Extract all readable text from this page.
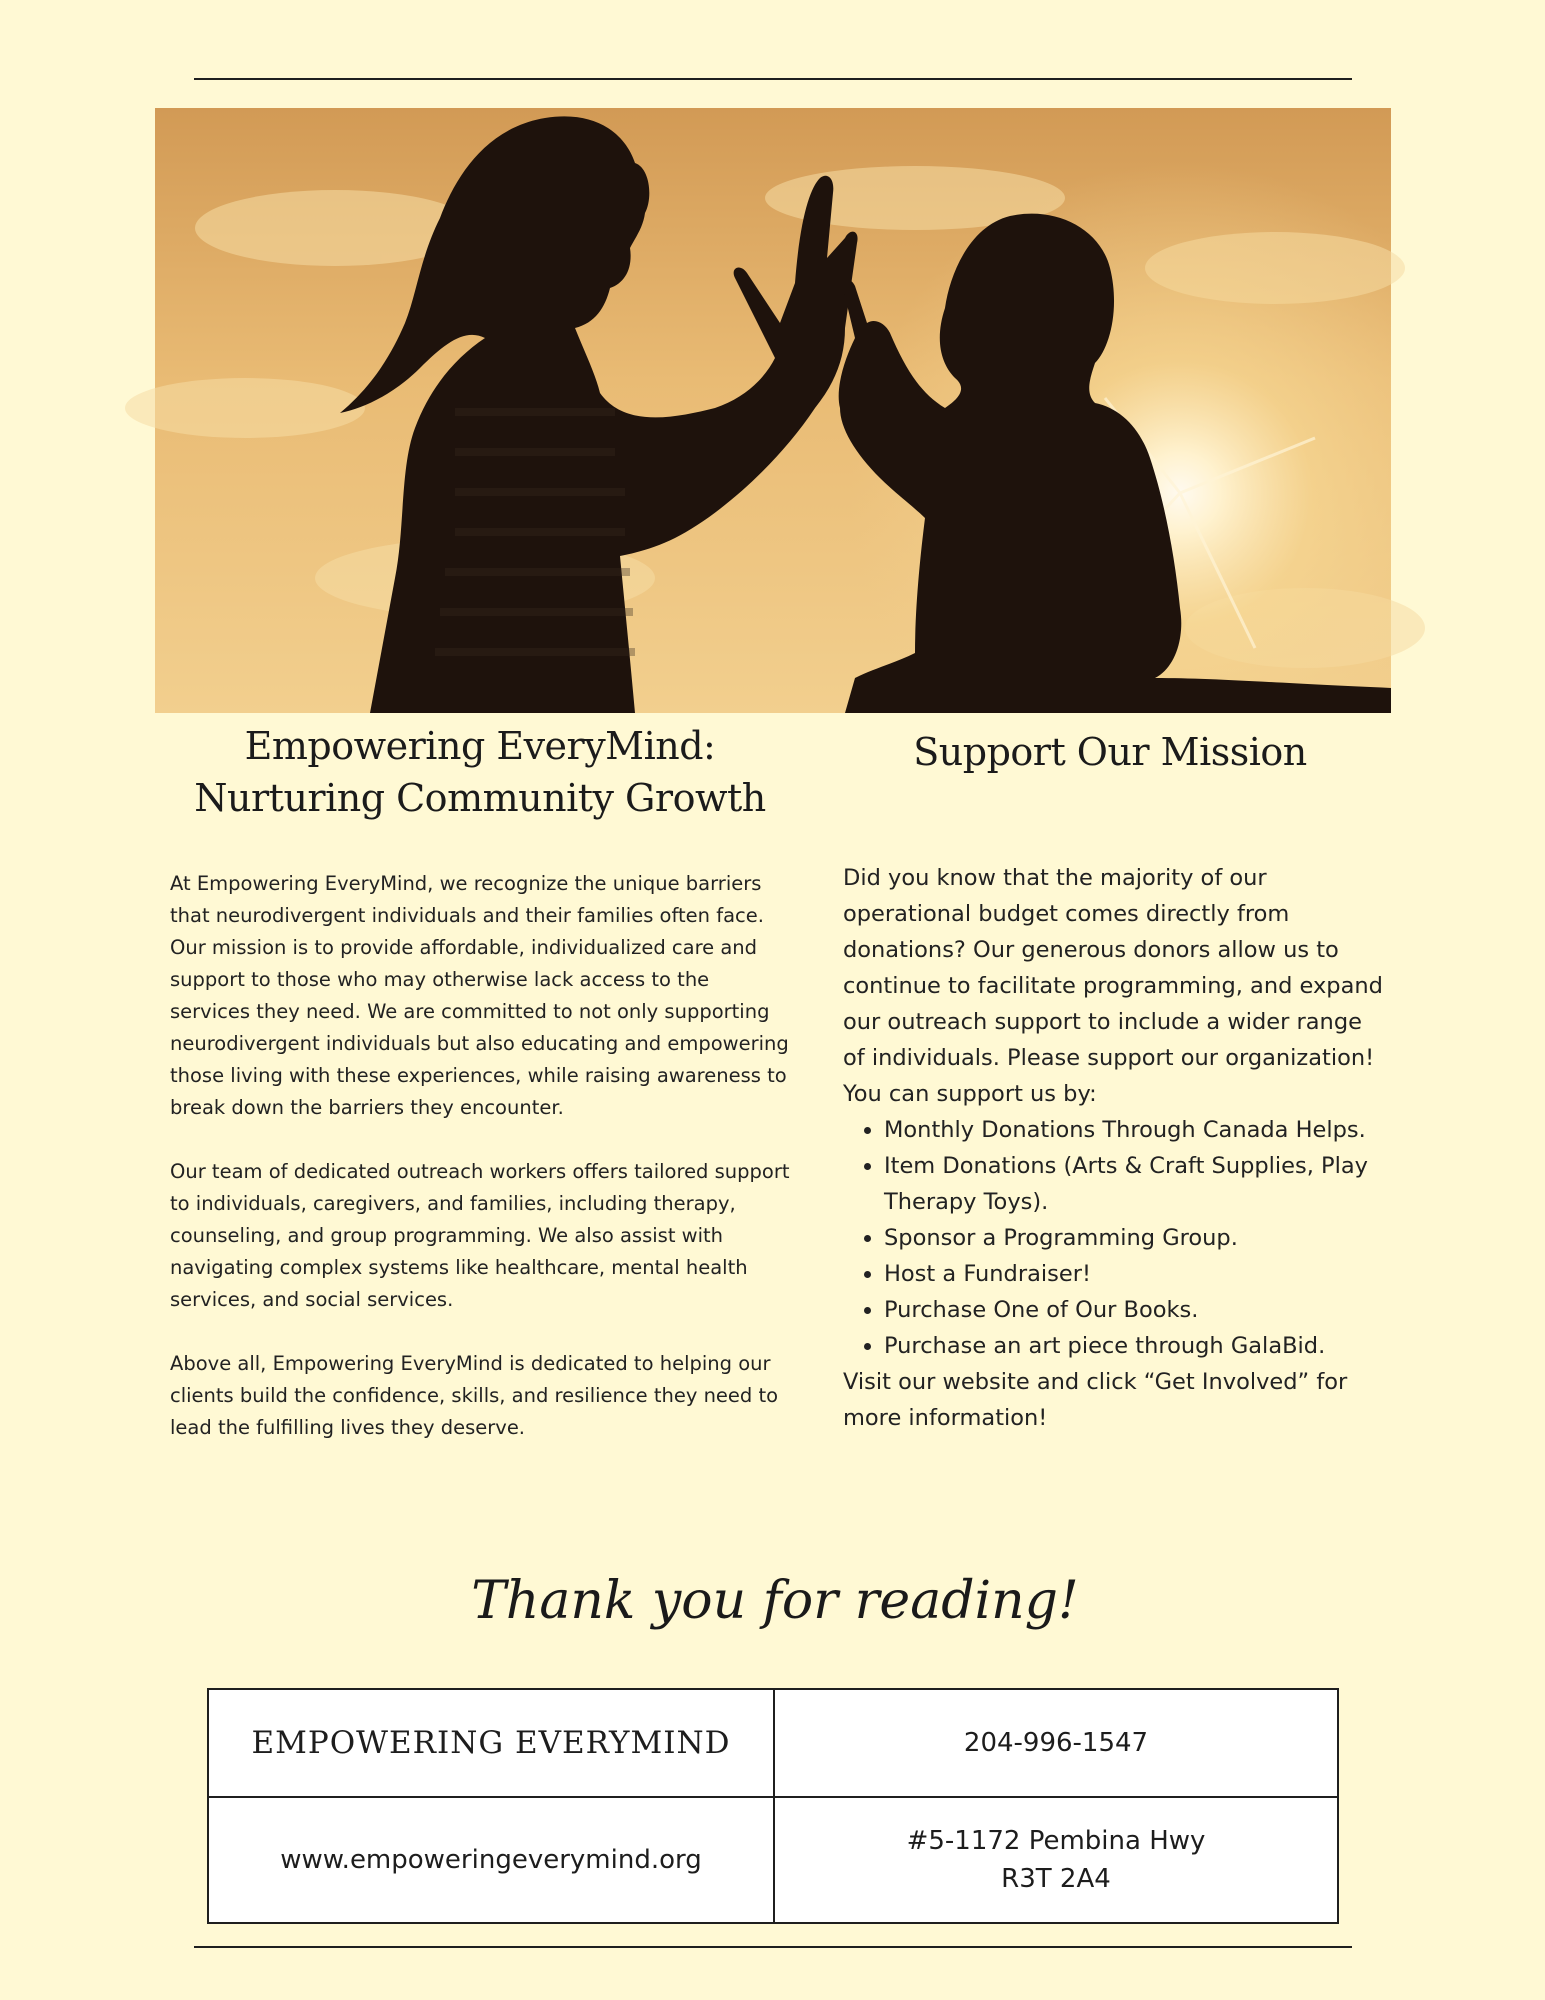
Empowering EveryMind:
Nurturing Community Growth
Support Our Mission

At Empowering EveryMind, we recognize the unique barriers that neurodivergent individuals and their families often face. Our mission is to provide affordable, individualized care and support to those who may otherwise lack access to the services they need. We are committed to not only supporting neurodivergent individuals but also educating and empowering those living with these experiences, while raising awareness to break down the barriers they encounter.

Our team of dedicated outreach workers offers tailored support to individuals, caregivers, and families, including therapy, counseling, and group programming. We also assist with navigating complex systems like healthcare, mental health services, and social services.

Above all, Empowering EveryMind is dedicated to helping our clients build the confidence, skills, and resilience they need to lead the fulfilling lives they deserve.

Did you know that the majority of our operational budget comes directly from donations? Our generous donors allow us to continue to facilitate programming, and expand our outreach support to include a wider range of individuals. Please support our organization!

You can support us by:

• Monthly Donations Through Canada Helps.
• Item Donations (Arts & Craft Supplies, Play Therapy Toys).
• Sponsor a Programming Group.
• Host a Fundraiser!
• Purchase One of Our Books.
• Purchase an art piece through GalaBid.

Visit our website and click “Get Involved” for more information!

Thank you for reading!
EMPOWERING EVERYMIND	204-996-1547
www.empoweringeverymind.org
#5-1172 Pembina Hwy
R3T 2A4
